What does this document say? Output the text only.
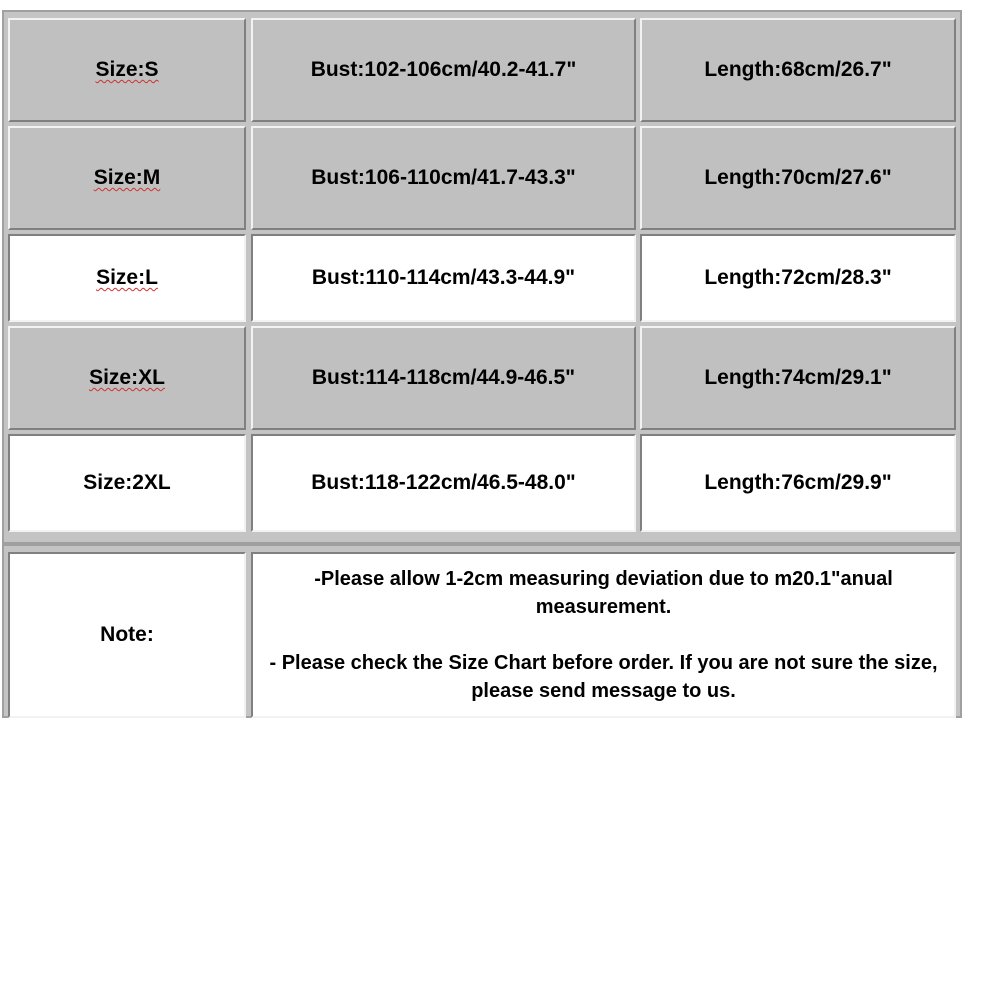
Size:S	Bust:102-106cm/40.2-41.7"	Length:68cm/26.7"
Size:M	Bust:106-110cm/41.7-43.3"	Length:70cm/27.6"
Size:L	Bust:110-114cm/43.3-44.9"	Length:72cm/28.3"
Size:XL	Bust:114-118cm/44.9-46.5"	Length:74cm/29.1"
Size:2XL	Bust:118-122cm/46.5-48.0"	Length:76cm/29.9"
Note:

-Please allow 1-2cm measuring deviation due to m20.1"anual measurement.

- Please check the Size Chart before order. If you are not sure the size, please send message to us.
